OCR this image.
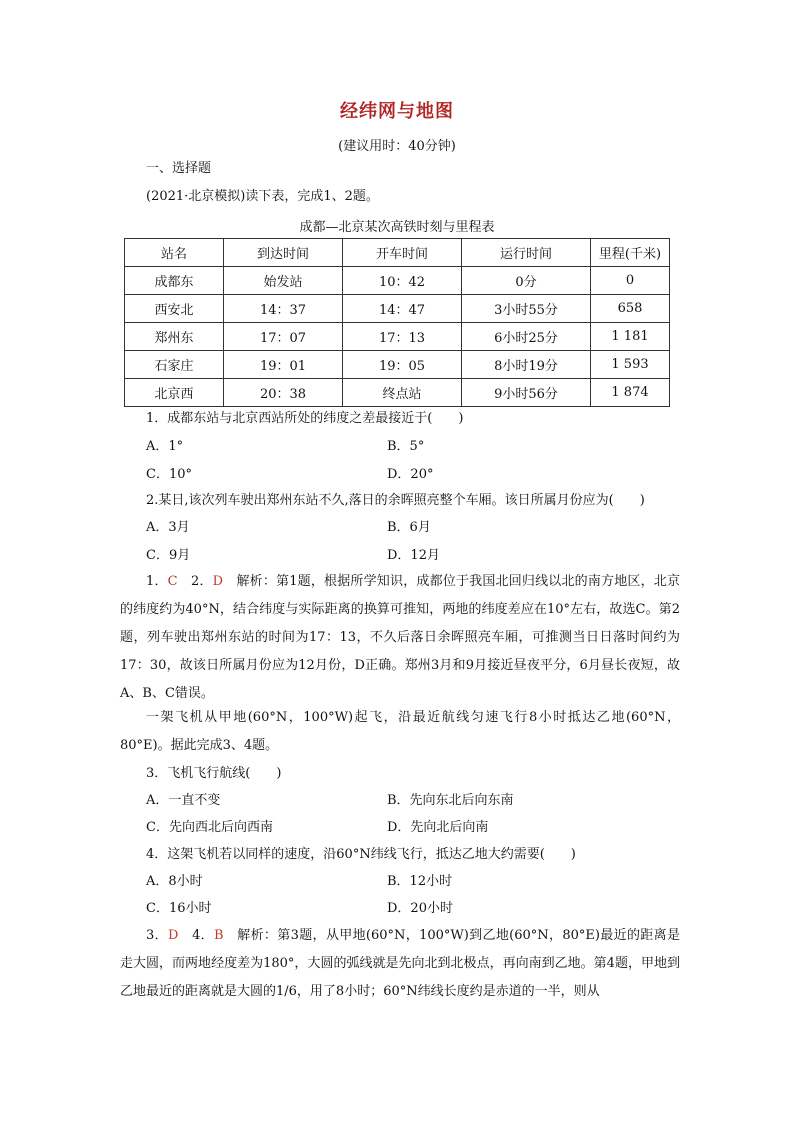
经纬网与地图
(建议用时：40分钟)
一、选择题
(2021·北京模拟)读下表，完成1、2题。
成都—北京某次高铁时刻与里程表
站名	到达时间	开车时间	运行时间	里程(千米)
成都东	始发站	10：42	0分	0
西安北	14：37	14：47	3小时55分	658
郑州东	17：07	17：13	6小时25分	1 181
石家庄	19：01	19：05	8小时19分	1 593
北京西	20：38	终点站	9小时56分	1 874
1．成都东站与北京西站所处的纬度之差最接近于(　　)
A．1°	B．5°
C．10°	D．20°
2.某日,该次列车驶出郑州东站不久,落日的余晖照亮整个车厢。该日所属月份应为(　　)
A．3月	B．6月
C．9月	D．12月
1．C　2．D　解析：第1题，根据所学知识，成都位于我国北回归线以北的南方地区，北京的纬度约为40°N，结合纬度与实际距离的换算可推知，两地的纬度差应在10°左右，故选C。第2题，列车驶出郑州东站的时间为17：13，不久后落日余晖照亮车厢，可推测当日日落时间约为17：30，故该日所属月份应为12月份，D正确。郑州3月和9月接近昼夜平分，6月昼长夜短，故A、B、C错误。
一架飞机从甲地(60°N，100°W)起飞，沿最近航线匀速飞行8小时抵达乙地(60°N，80°E)。据此完成3、4题。
3．飞机飞行航线(　　)
A．一直不变	B．先向东北后向东南
C．先向西北后向西南	D．先向北后向南
4．这架飞机若以同样的速度，沿60°N纬线飞行，抵达乙地大约需要(　　)
A．8小时	B．12小时
C．16小时	D．20小时
3．D　4．B　解析：第3题，从甲地(60°N，100°W)到乙地(60°N，80°E)最近的距离是走大圆，而两地经度差为180°，大圆的弧线就是先向北到北极点，再向南到乙地。第4题，甲地到乙地最近的距离就是大圆的1/6，用了8小时；60°N纬线长度约是赤道的一半，则从
